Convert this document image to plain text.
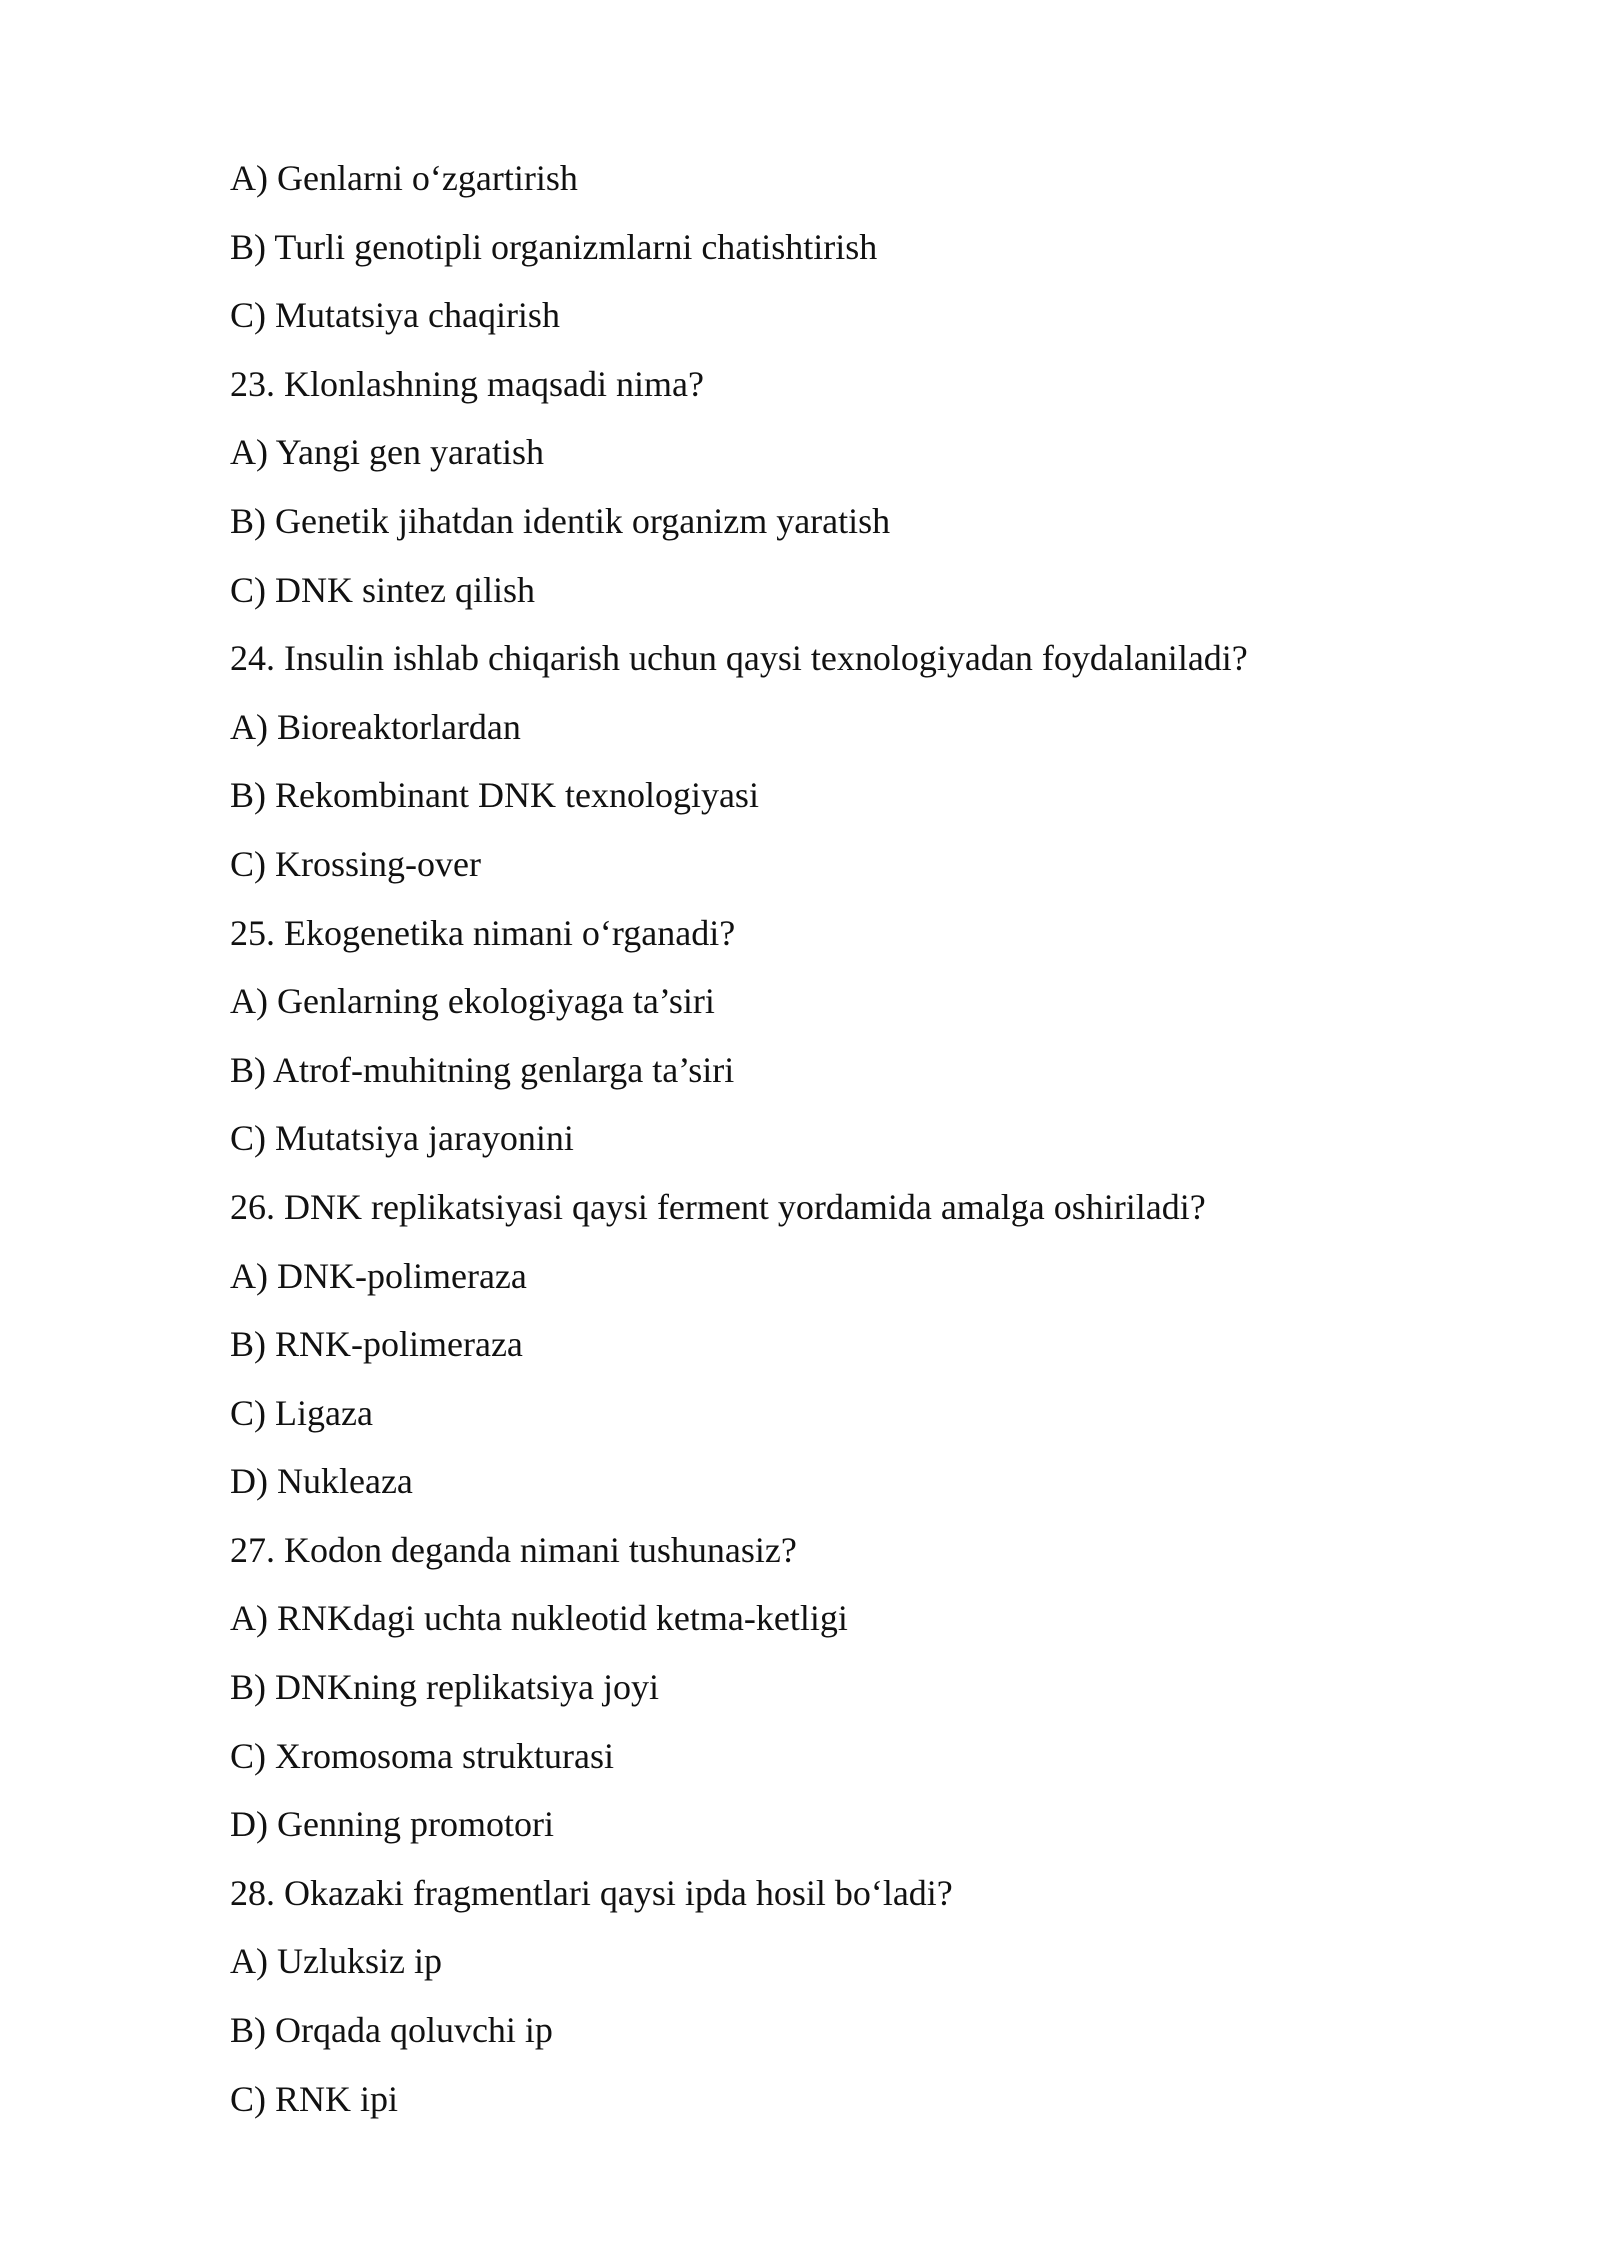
A) Genlarni o‘zgartirish

B) Turli genotipli organizmlarni chatishtirish

C) Mutatsiya chaqirish

23. Klonlashning maqsadi nima?

A) Yangi gen yaratish

B) Genetik jihatdan identik organizm yaratish

C) DNK sintez qilish

24. Insulin ishlab chiqarish uchun qaysi texnologiyadan foydalaniladi?

A) Bioreaktorlardan

B) Rekombinant DNK texnologiyasi

C) Krossing-over

25. Ekogenetika nimani o‘rganadi?

A) Genlarning ekologiyaga ta’siri

B) Atrof-muhitning genlarga ta’siri

C) Mutatsiya jarayonini

26. DNK replikatsiyasi qaysi ferment yordamida amalga oshiriladi?

A) DNK-polimeraza

B) RNK-polimeraza

C) Ligaza

D) Nukleaza

27. Kodon deganda nimani tushunasiz?

A) RNKdagi uchta nukleotid ketma-ketligi

B) DNKning replikatsiya joyi

C) Xromosoma strukturasi

D) Genning promotori

28. Okazaki fragmentlari qaysi ipda hosil bo‘ladi?

A) Uzluksiz ip

B) Orqada qoluvchi ip

C) RNK ipi
